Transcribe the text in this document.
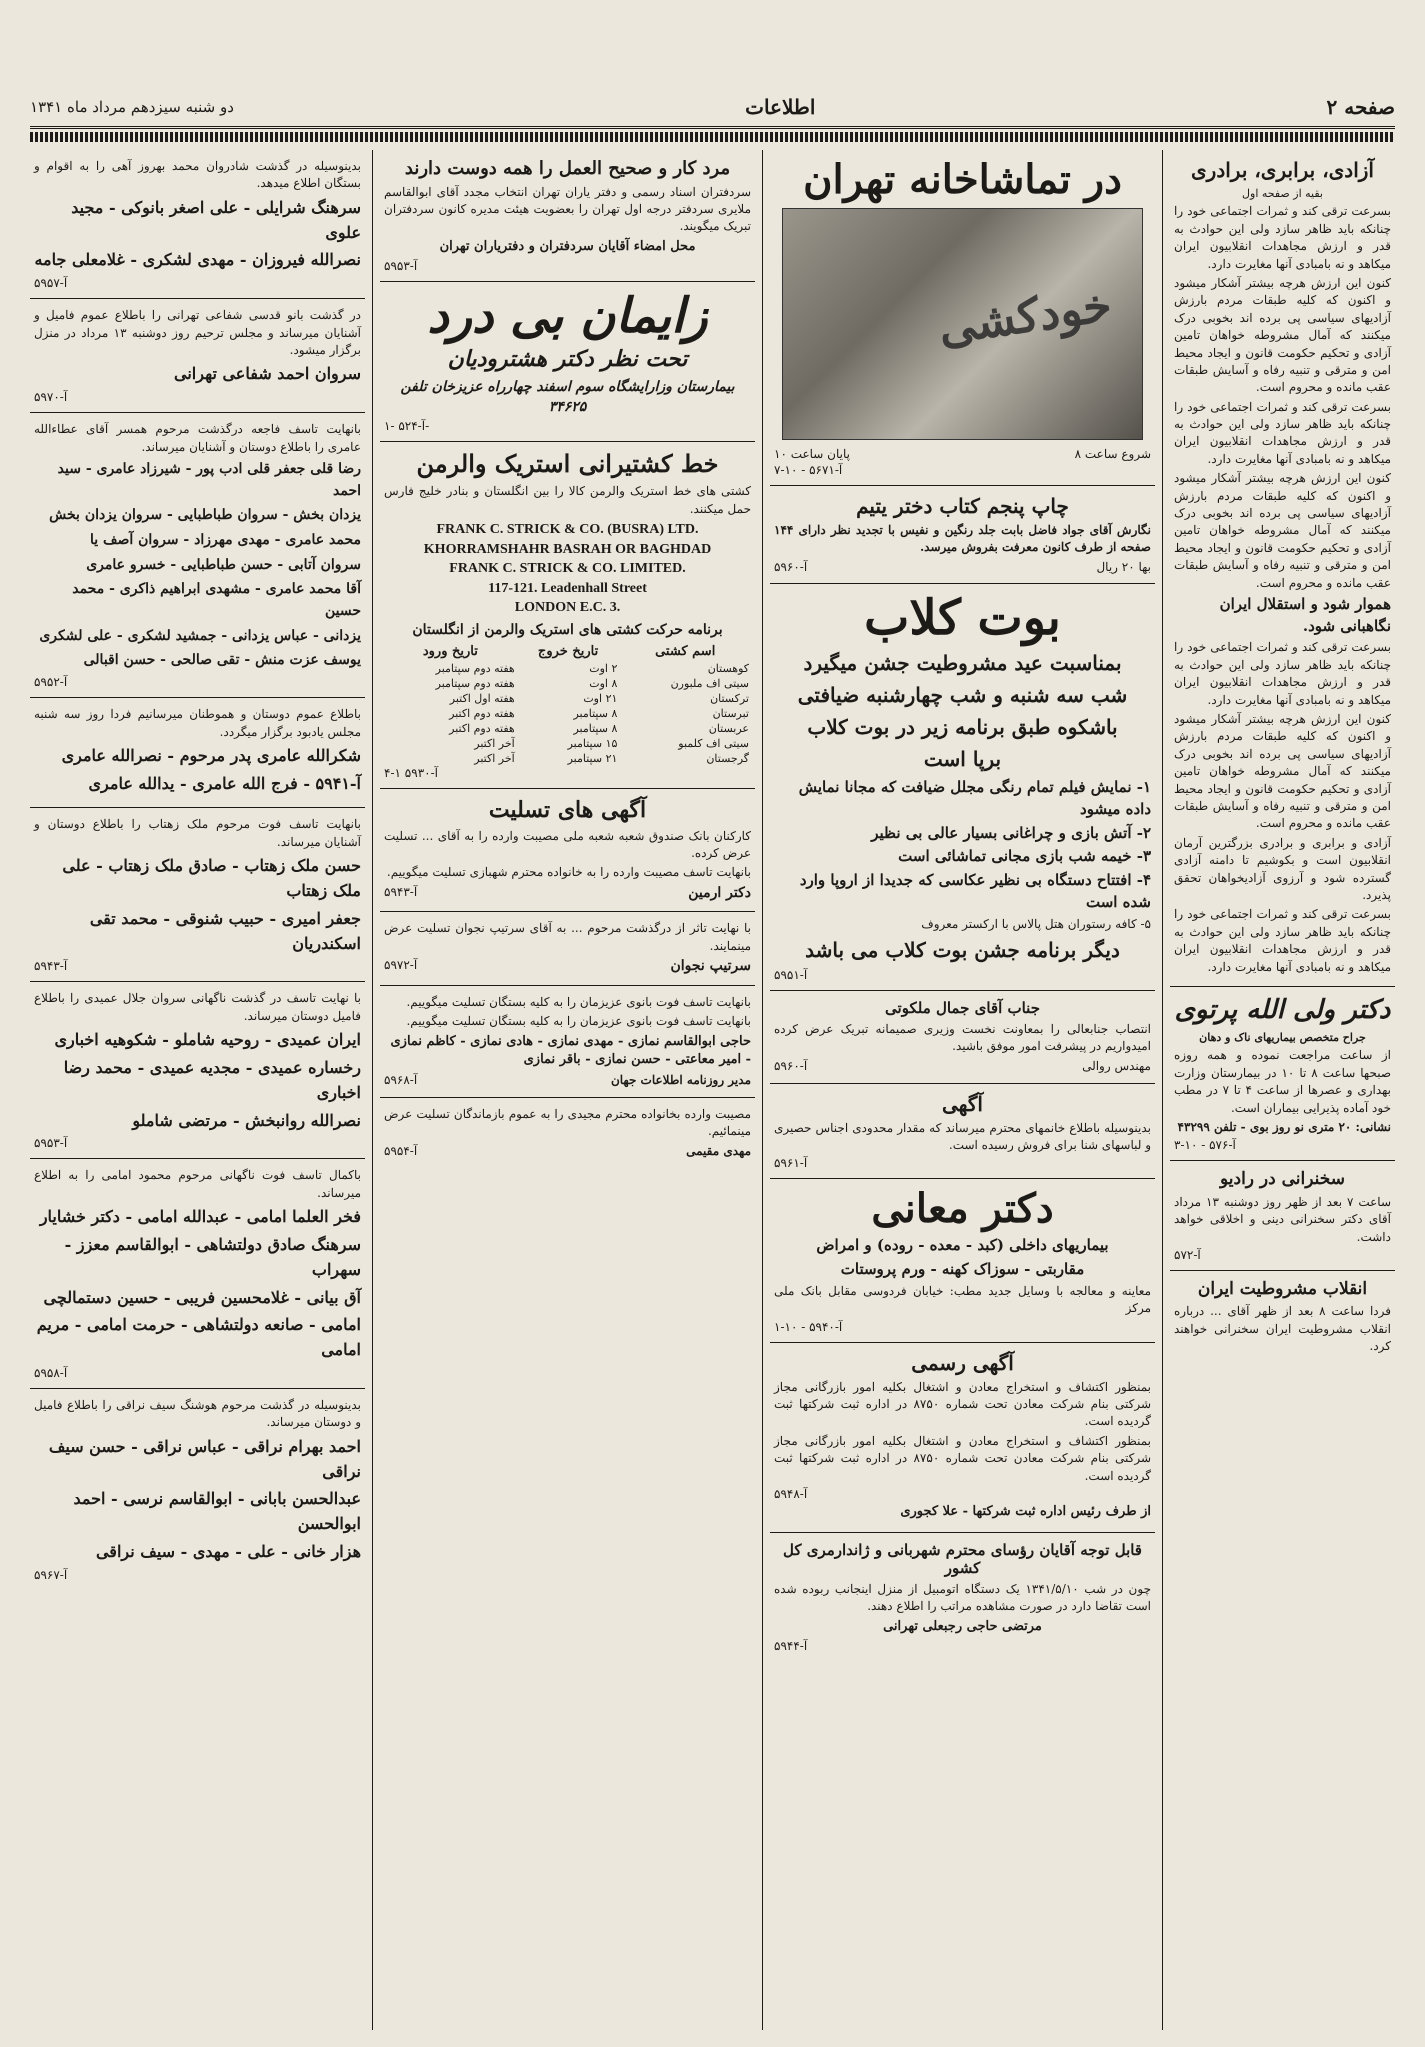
صفحه ۲
اطلاعات
دو شنبه سیزدهم مرداد ماه ۱۳۴۱
آزادی، برابری، برادری
بقیه از صفحه اول

بسرعت ترقی کند و ثمرات اجتماعی خود را چنانکه باید ظاهر سازد ولی این حوادث به قدر و ارزش مجاهدات انقلابیون ایران میکاهد و نه بامبادی آنها مغایرت دارد.

کنون این ارزش هرچه بیشتر آشکار میشود و اکنون که کلیه طبقات مردم بارزش آزادیهای سیاسی پی برده اند بخوبی درک میکنند که آمال مشروطه خواهان تامین آزادی و تحکیم حکومت قانون و ایجاد محیط امن و مترقی و تنبیه رفاه و آسایش طبقات عقب مانده و محروم است.

بسرعت ترقی کند و ثمرات اجتماعی خود را چنانکه باید ظاهر سازد ولی این حوادث به قدر و ارزش مجاهدات انقلابیون ایران میکاهد و نه بامبادی آنها مغایرت دارد.

کنون این ارزش هرچه بیشتر آشکار میشود و اکنون که کلیه طبقات مردم بارزش آزادیهای سیاسی پی برده اند بخوبی درک میکنند که آمال مشروطه خواهان تامین آزادی و تحکیم حکومت قانون و ایجاد محیط امن و مترقی و تنبیه رفاه و آسایش طبقات عقب مانده و محروم است.

هموار شود و استقلال ایران نگاهبانی شود.

بسرعت ترقی کند و ثمرات اجتماعی خود را چنانکه باید ظاهر سازد ولی این حوادث به قدر و ارزش مجاهدات انقلابیون ایران میکاهد و نه بامبادی آنها مغایرت دارد.

کنون این ارزش هرچه بیشتر آشکار میشود و اکنون که کلیه طبقات مردم بارزش آزادیهای سیاسی پی برده اند بخوبی درک میکنند که آمال مشروطه خواهان تامین آزادی و تحکیم حکومت قانون و ایجاد محیط امن و مترقی و تنبیه رفاه و آسایش طبقات عقب مانده و محروم است.

آزادی و برابری و برادری بزرگترین آرمان انقلابیون است و بکوشیم تا دامنه آزادی گسترده شود و آرزوی آزادیخواهان تحقق پذیرد.

بسرعت ترقی کند و ثمرات اجتماعی خود را چنانکه باید ظاهر سازد ولی این حوادث به قدر و ارزش مجاهدات انقلابیون ایران میکاهد و نه بامبادی آنها مغایرت دارد.

دکتر ولی الله پرتوی
جراح متخصص بیماریهای ناک و دهان

از ساعت مراجعت نموده و همه روزه صبحها ساعت ۸ تا ۱۰ در بیمارستان وزارت بهداری و عصرها از ساعت ۴ تا ۷ در مطب خود آماده پذیرایی بیماران است.

نشانی: ۲۰ متری نو روز بوی - تلفن ۴۳۲۹۹

آ-۵۷۶ - ۱۰-۳
سخنرانی در رادیو

ساعت ۷ بعد از ظهر روز دوشنبه ۱۳ مرداد آقای دکتر سخنرانی دینی و اخلاقی خواهد داشت.

آ-۵۷۲
انقلاب مشروطیت ایران

فردا ساعت ۸ بعد از ظهر آقای ... درباره انقلاب مشروطیت ایران سخنرانی خواهند کرد.

در تماشاخانه تهران
خودکشی
شروع ساعت ۸
پایان ساعت ۱۰
آ-۵۶۷۱ - ۱۰-۷
چاپ پنجم کتاب دختر یتیم

نگارش آقای جواد فاضل بابت جلد رنگین و نفیس با تجدید نظر دارای ۱۴۴ صفحه از طرف کانون معرفت بفروش میرسد.

بها ۲۰ ریال
آ-۵۹۶۰
بوت کلاب
بمناسبت عید مشروطیت جشن میگیرد
شب سه شنبه و شب چهارشنبه ضیافتی
باشکوه طبق برنامه زیر در بوت کلاب
برپا است

۱- نمایش فیلم تمام رنگی مجلل ضیافت که مجانا نمایش داده میشود

۲- آتش بازی و چراغانی بسیار عالی بی نظیر

۳- خیمه شب بازی مجانی تماشائی است

۴- افتتاح دستگاه بی نظیر عکاسی که جدیدا از اروپا وارد شده است

۵- کافه رستوران هتل پالاس با ارکستر معروف

دیگر برنامه جشن بوت کلاب می باشد
آ-۵۹۵۱
جناب آقای جمال ملکوتی

انتصاب جنابعالی را بمعاونت نخست وزیری صمیمانه تبریک عرض کرده امیدواریم در پیشرفت امور موفق باشید.

مهندس روالی
آ-۵۹۶۰
آگهی

بدینوسیله باطلاع خانمهای محترم میرساند که مقدار محدودی اجناس حصیری و لباسهای شنا برای فروش رسیده است.

آ-۵۹۶۱
دکتر معانی
بیماریهای داخلی (کبد - معده - روده) و امراض
مقاربتی - سوزاک کهنه - ورم پروستات

معاینه و معالجه با وسایل جدید مطب: خیابان فردوسی مقابل بانک ملی مرکز

آ-۵۹۴۰ - ۱۰-۱
آگهی رسمی

بمنظور اکتشاف و استخراج معادن و اشتغال بکلیه امور بازرگانی مجاز شرکتی بنام شرکت معادن تحت شماره ۸۷۵۰ در اداره ثبت شرکتها ثبت گردیده است.

بمنظور اکتشاف و استخراج معادن و اشتغال بکلیه امور بازرگانی مجاز شرکتی بنام شرکت معادن تحت شماره ۸۷۵۰ در اداره ثبت شرکتها ثبت گردیده است.

آ-۵۹۴۸
از طرف رئیس اداره ثبت شرکتها - علا کجوری
قابل توجه آقایان رؤسای محترم شهربانی و ژاندارمری کل کشور

چون در شب ۱۳۴۱/۵/۱۰ یک دستگاه اتومبیل از منزل اینجانب ربوده شده است تقاضا دارد در صورت مشاهده مراتب را اطلاع دهند.

مرتضی حاجی رجبعلی تهرانی
آ-۵۹۴۴
مرد کار و صحیح العمل را همه دوست دارند

سردفتران اسناد رسمی و دفتر یاران تهران انتخاب مجدد آقای ابوالقاسم ملایری سردفتر درجه اول تهران را بعضویت هیئت مدیره کانون سردفتران تبریک میگویند.

محل امضاء آقایان سردفتران و دفتریاران تهران
آ-۵۹۵۳
زایمان بی درد
تحت نظر دکتر هشترودیان
بیمارستان وزارایشگاه سوم اسفند چهارراه عزیزخان تلفن ۳۴۶۲۵
آ-۵۲۴ -۱-
خط کشتیرانی استریک والرمن

کشتی های خط استریک والرمن کالا را بین انگلستان و بنادر خلیج فارس حمل میکنند.

FRANK C. STRICK & CO. (BUSRA) LTD.
KHORRAMSHAHR BASRAH OR BAGHDAD
FRANK C. STRICK & CO. LIMITED.
117-121. Leadenhall Street
LONDON E.C. 3.
برنامه حرکت کشتی های استریک والرمن از انگلستان
اسم کشتی	تاریخ خروج	تاریخ ورود
کوهستان	۲ اوت	هفته دوم سپتامبر
سیتی اف ملبورن	۸ اوت	هفته دوم سپتامبر
ترکستان	۲۱ اوت	هفته اول اکتبر
تبرستان	۸ سپتامبر	هفته دوم اکتبر
عربستان	۸ سپتامبر	هفته دوم اکتبر
سیتی اف کلمبو	۱۵ سپتامبر	آخر اکتبر
گرجستان	۲۱ سپتامبر	آخر اکتبر
آ-۵۹۳۰ ۱-۴
آگهی های تسلیت

کارکنان بانک صندوق شعبه شعبه ملی مصیبت وارده را به آقای ... تسلیت عرض کرده.

بانهایت تاسف مصیبت وارده را به خانواده محترم شهبازی تسلیت میگوییم.

دکتر ارمین
آ-۵۹۴۳

با نهایت تاثر از درگذشت مرحوم ... به آقای سرتیپ نجوان تسلیت عرض مینمایند.

سرتیپ نجوان
آ-۵۹۷۲

بانهایت تاسف فوت بانوی عزیزمان را به کلیه بستگان تسلیت میگوییم.

بانهایت تاسف فوت بانوی عزیزمان را به کلیه بستگان تسلیت میگوییم.

حاجی ابوالقاسم نمازی - مهدی نمازی - هادی نمازی - کاظم نمازی - امیر معاعتی - حسن نمازی - باقر نمازی
مدیر روزنامه اطلاعات جهان
آ-۵۹۶۸

مصیبت وارده بخانواده محترم مجیدی را به عموم بازماندگان تسلیت عرض مینمائیم.

مهدی مقیمی
آ-۵۹۵۴

بدینوسیله در گذشت شادروان محمد بهروز آهی را به اقوام و بستگان اطلاع میدهد.

سرهنگ شرایلی - علی اصغر بانوکی - مجید علوی
نصرالله فیروزان - مهدی لشکری - غلامعلی جامه
آ-۵۹۵۷

در گذشت بانو قدسی شفاعی تهرانی را باطلاع عموم فامیل و آشنایان میرساند و مجلس ترحیم روز دوشنبه ۱۳ مرداد در منزل برگزار میشود.

سروان احمد شفاعی تهرانی
آ-۵۹۷۰

بانهایت تاسف فاجعه درگذشت مرحوم همسر آقای عطاءالله عامری را باطلاع دوستان و آشنایان میرساند.

رضا قلی جعفر قلی ادب پور - شیرزاد عامری - سید احمد
یزدان بخش - سروان طباطبایی - سروان یزدان بخش
محمد عامری - مهدی مهرزاد - سروان آصف یا
سروان آتابی - حسن طباطبایی - خسرو عامری
آقا محمد عامری - مشهدی ابراهیم ذاکری - محمد حسین
یزدانی - عباس یزدانی - جمشید لشکری - علی لشکری
یوسف عزت منش - تقی صالحی - حسن اقبالی
آ-۵۹۵۲

باطلاع عموم دوستان و هموطنان میرسانیم فردا روز سه شنبه مجلس یادبود برگزار میگردد.

شکرالله عامری پدر مرحوم - نصرالله عامری
آ-۵۹۴۱ - فرج الله عامری - یدالله عامری

بانهایت تاسف فوت مرحوم ملک زهتاب را باطلاع دوستان و آشنایان میرساند.

حسن ملک زهتاب - صادق ملک زهتاب - علی ملک زهتاب
جعفر امیری - حبیب شنوقی - محمد تقی اسکندریان
آ-۵۹۴۳

با نهایت تاسف در گذشت ناگهانی سروان جلال عمیدی را باطلاع فامیل دوستان میرساند.

ایران عمیدی - روحیه شاملو - شکوهیه اخباری
رخساره عمیدی - مجدیه عمیدی - محمد رضا اخباری
نصرالله روانبخش - مرتضی شاملو
آ-۵۹۵۳

باکمال تاسف فوت ناگهانی مرحوم محمود امامی را به اطلاع میرساند.

فخر العلما امامی - عبدالله امامی - دکتر خشایار
سرهنگ صادق دولتشاهی - ابوالقاسم معزز - سهراب
آق بیانی - غلامحسین فریبی - حسین دستمالچی
امامی - صانعه دولتشاهی - حرمت امامی - مریم امامی
آ-۵۹۵۸

بدینوسیله در گذشت مرحوم هوشنگ سیف نراقی را باطلاع فامیل و دوستان میرساند.

احمد بهرام نراقی - عباس نراقی - حسن سیف نراقی
عبدالحسن بابانی - ابوالقاسم نرسی - احمد ابوالحسن
هزار خانی - علی - مهدی - سیف نراقی
آ-۵۹۶۷
